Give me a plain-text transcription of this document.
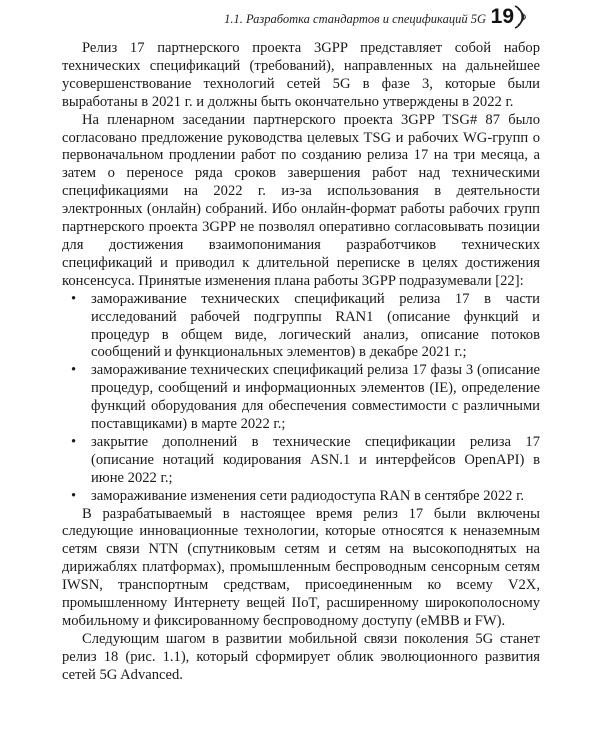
1.1. Разработка стандартов и спецификаций 5G 19

Релиз 17 партнерского проекта 3GPP представляет собой набор технических спецификаций (требований), направленных на дальнейшее усовершенствование технологий сетей 5G в фазе 3, которые были выработаны в 2021 г. и должны быть окончательно утверждены в 2022 г.

На пленарном заседании партнерского проекта 3GPP TSG# 87 было согласовано предложение руководства целевых TSG и рабочих WG-групп о первоначальном продлении работ по созданию релиза 17 на три месяца, а затем о переносе ряда сроков завершения работ над техническими спецификациями на 2022 г. из-за использования в деятельности электронных (онлайн) собраний. Ибо онлайн-формат работы рабочих групп партнерского проекта 3GPP не позволял оперативно согласовывать позиции для достижения взаимопонимания разработчиков технических спецификаций и приводил к длительной переписке в целях достижения консенсуса. Принятые изменения плана работы 3GPP подразумевали [22]:

• замораживание технических спецификаций релиза 17 в части исследований рабочей подгруппы RAN1 (описание функций и процедур в общем виде, логический анализ, описание потоков сообщений и функциональных элементов) в декабре 2021 г.;
• замораживание технических спецификаций релиза 17 фазы 3 (описание процедур, сообщений и информационных элементов (IE), определение функций оборудования для обеспечения совместимости с различными поставщиками) в марте 2022 г.;
• закрытие дополнений в технические спецификации релиза 17 (описание нотаций кодирования ASN.1 и интерфейсов OpenAPI) в июне 2022 г.;
• замораживание изменения сети радиодоступа RAN в сентябре 2022 г.

В разрабатываемый в настоящее время релиз 17 были включены следующие инновационные технологии, которые относятся к неназемным сетям связи NTN (спутниковым сетям и сетям на высокоподнятых на дирижаблях платформах), промышленным беспроводным сенсорным сетям IWSN, транспортным средствам, присоединенным ко всему V2X, промышленному Интернету вещей IIoT, расширенному широкополосному мобильному и фиксированному беспроводному доступу (eMBB и FW).

Следующим шагом в развитии мобильной связи поколения 5G станет релиз 18 (рис. 1.1), который сформирует облик эволюционного развития сетей 5G Advanced.
